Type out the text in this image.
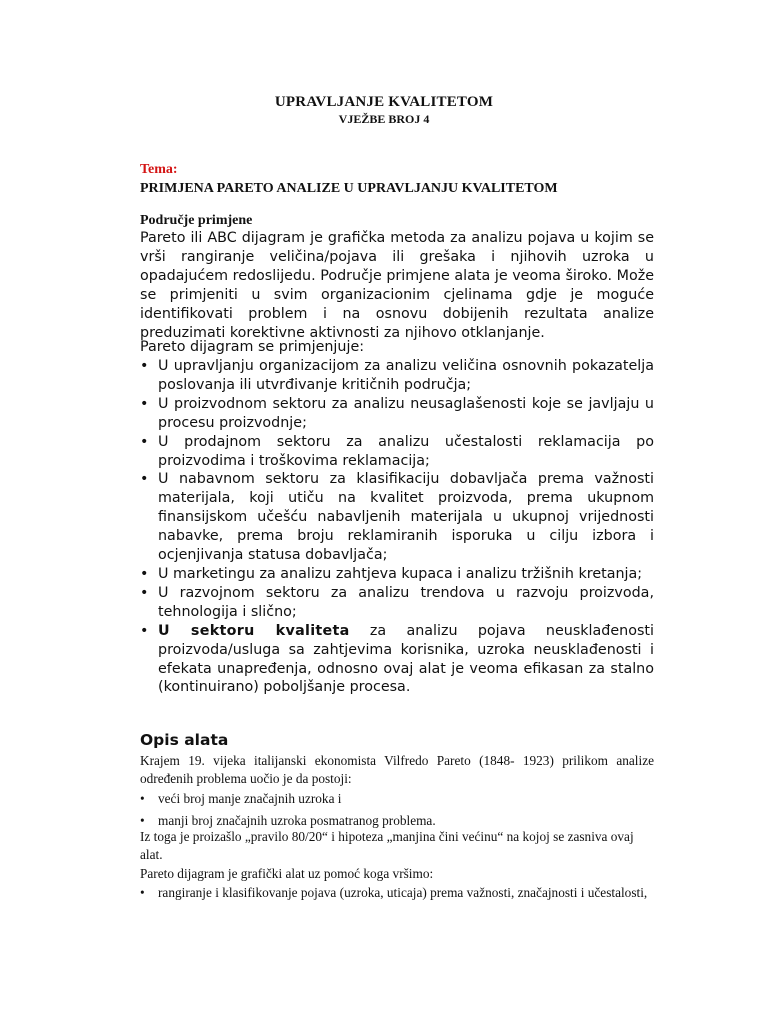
UPRAVLJANJE KVALITETOM
VJEŽBE BROJ 4
Tema:
PRIMJENA PARETO ANALIZE U UPRAVLJANJU KVALITETOM
Područje primjene
Pareto ili ABC dijagram je grafička metoda za analizu pojava u kojim se vrši rangiranje veličina/pojava ili grešaka i njihovih uzroka u opadajućem redoslijedu. Područje primjene alata je veoma široko. Može se primjeniti u svim organizacionim cjelinama gdje je moguće identifikovati problem i na osnovu dobijenih rezultata analize preduzimati korektivne aktivnosti za njihovo otklanjanje.
Pareto dijagram se primjenjuje:
• U upravljanju organizacijom za analizu veličina osnovnih pokazatelja poslovanja ili utvrđivanje kritičnih područja;
• U proizvodnom sektoru za analizu neusaglašenosti koje se javljaju u procesu proizvodnje;
• U prodajnom sektoru za analizu učestalosti reklamacija po proizvodima i troškovima reklamacija;
• U nabavnom sektoru za klasifikaciju dobavljača prema važnosti materijala, koji utiču na kvalitet proizvoda, prema ukupnom finansijskom učešću nabavljenih materijala u ukupnoj vrijednosti nabavke, prema broju reklamiranih isporuka u cilju izbora i ocjenjivanja statusa dobavljača;
• U marketingu za analizu zahtjeva kupaca i analizu tržišnih kretanja;
• U razvojnom sektoru za analizu trendova u razvoju proizvoda, tehnologija i slično;
• U sektoru kvaliteta za analizu pojava neusklađenosti proizvoda/usluga sa zahtjevima korisnika, uzroka neusklađenosti i efekata unapređenja, odnosno ovaj alat je veoma efikasan za stalno (kontinuirano) poboljšanje procesa.
Opis alata
Krajem 19. vijeka italijanski ekonomista Vilfredo Pareto (1848- 1923) prilikom analize određenih problema uočio je da postoji:
• veći broj manje značajnih uzroka i
• manji broj značajnih uzroka posmatranog problema.
Iz toga je proizašlo „pravilo 80/20“ i hipoteza „manjina čini većinu“ na kojoj se zasniva ovaj alat.
Pareto dijagram je grafički alat uz pomoć koga vršimo:
• rangiranje i klasifikovanje pojava (uzroka, uticaja) prema važnosti, značajnosti i učestalosti,
